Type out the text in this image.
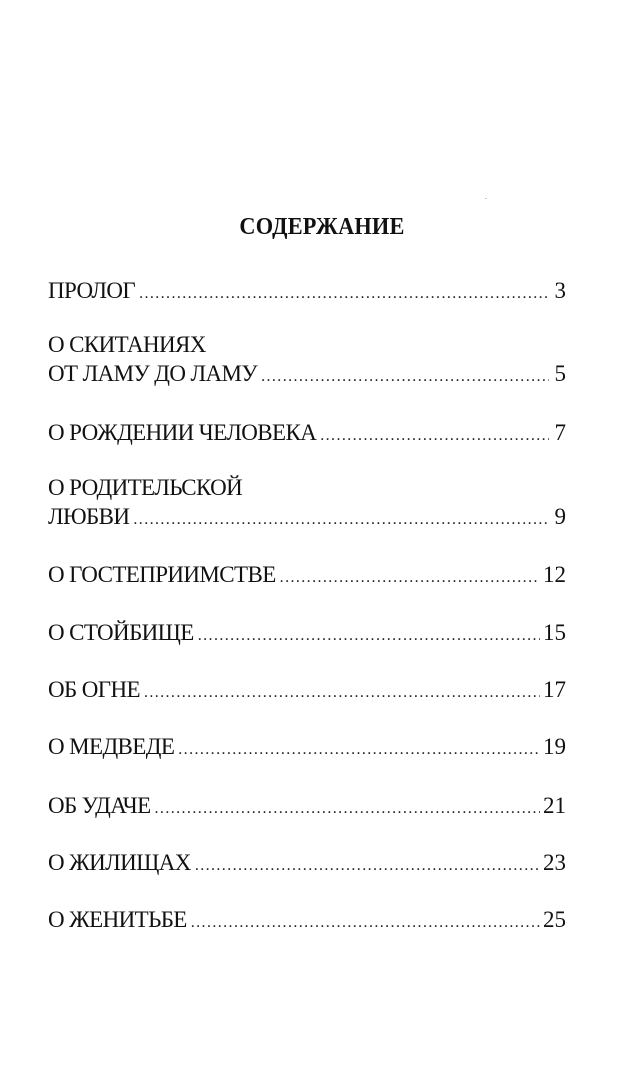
СОДЕРЖАНИЕ
ПРОЛОГ .....	3
О СКИТАНИЯХ
ОТ ЛАМУ ДО ЛАМУ .....	5
О РОЖДЕНИИ ЧЕЛОВЕКА .....	7
О РОДИТЕЛЬСКОЙ
ЛЮБВИ .....	9
О ГОСТЕПРИИМСТВЕ .....	12
О СТОЙБИЩЕ .....	15
ОБ ОГНЕ .....	17
О МЕДВЕДЕ .....	19
ОБ УДАЧЕ .....	21
О ЖИЛИЩАХ .....	23
О ЖЕНИТЬБЕ .....	25
